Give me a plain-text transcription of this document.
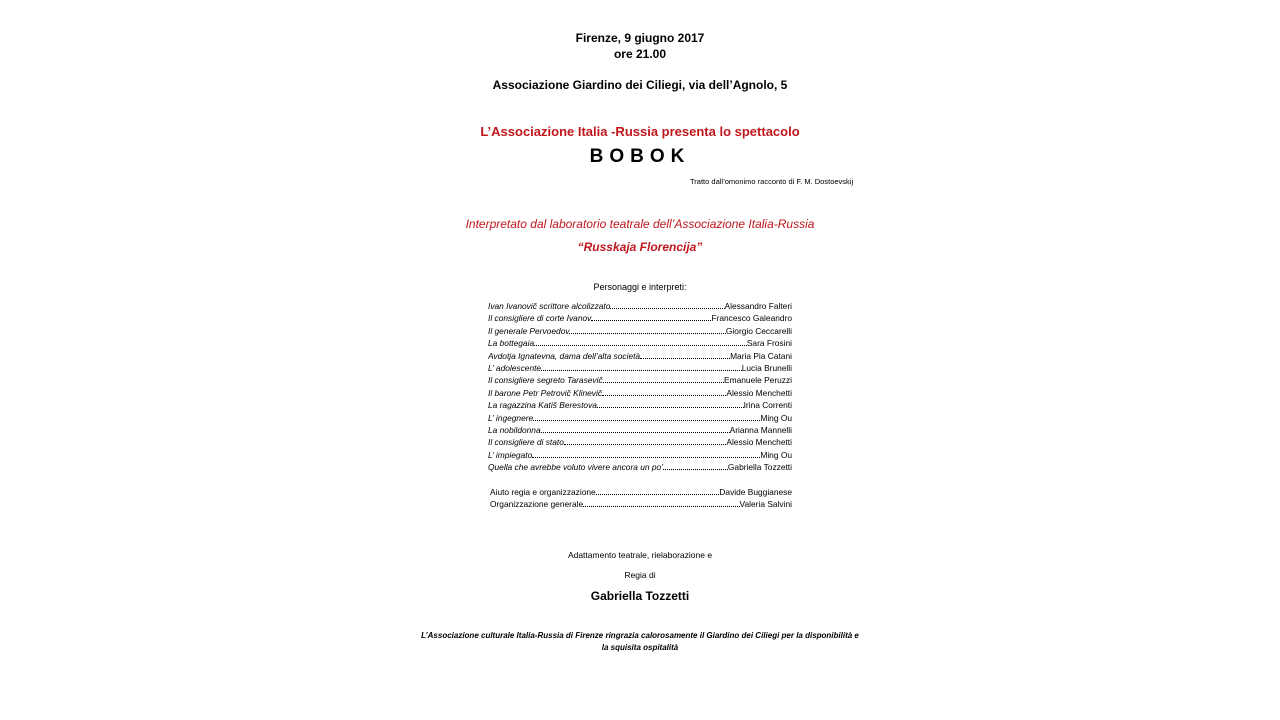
Firenze, 9 giugno 2017
ore 21.00
Associazione Giardino dei Ciliegi, via dell’Agnolo, 5
L’Associazione Italia -Russia presenta lo spettacolo
BOBOK
Tratto dall’omonimo racconto di F. M. Dostoevskij
Interpretato dal laboratorio teatrale dell’Associazione Italia-Russia
“Russkaja Florencija”
Personaggi e interpreti:
Ivan Ivanovič scrittore alcolizzato	Alessandro Falteri
Il consigliere di corte Ivanov	Francesco Galeandro
Il generale Pervoedov	Giorgio Ceccarelli
La bottegaia	Sara Frosini
Avdotja Ignatevna, dama dell’alta società	Maria Pia Catani
L’ adolescente	Lucia Brunelli
Il consigliere segreto Tarasevič	Emanuele Peruzzi
Il barone Petr Petrovič Klinevič	Alessio Menchetti
La ragazzina Katiš Berestova	Irina Correnti
L’ ingegnere	Ming Ou
La nobildonna	Arianna Mannelli
Il consigliere di stato	Alessio Menchetti
L’ impiegato	Ming Ou
Quella che avrebbe voluto vivere ancora un po’	Gabriella Tozzetti
Aiuto regia e organizzazione	Davide Buggianese
Organizzazione generale	Valeria Salvini
Adattamento teatrale, rielaborazione e
Regia di
Gabriella Tozzetti
L’Associazione culturale Italia-Russia di Firenze ringrazia calorosamente il Giardino dei Ciliegi per la disponibilità e
la squisita ospitalità
